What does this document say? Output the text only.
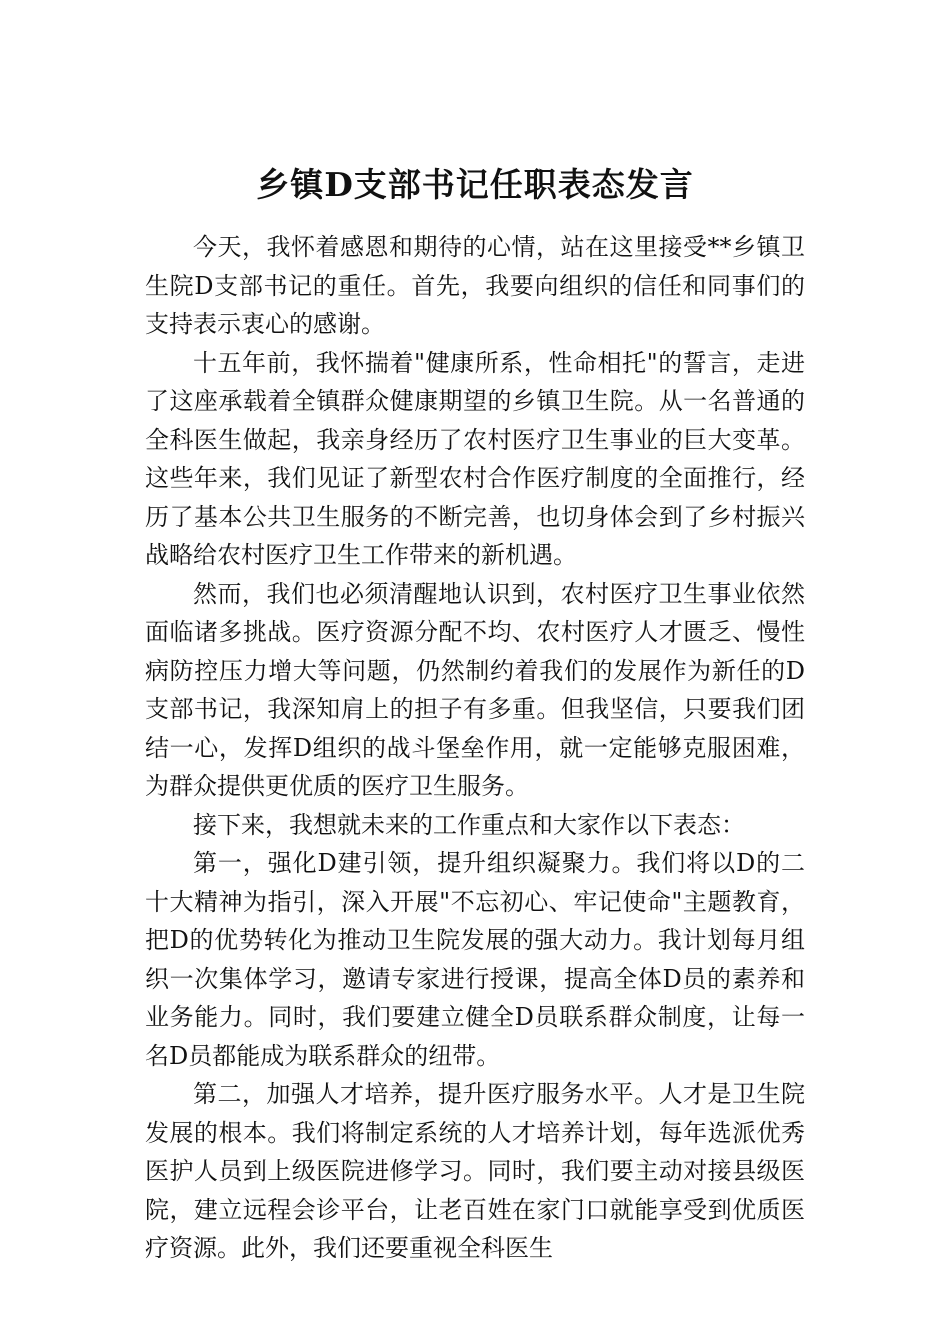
乡镇D支部书记任职表态发言

今天，我怀着感恩和期待的心情，站在这里接受**乡镇卫生院D支部书记的重任。首先，我要向组织的信任和同事们的支持表示衷心的感谢。

十五年前，我怀揣着"健康所系，性命相托"的誓言，走进了这座承载着全镇群众健康期望的乡镇卫生院。从一名普通的全科医生做起，我亲身经历了农村医疗卫生事业的巨大变革。这些年来，我们见证了新型农村合作医疗制度的全面推行，经历了基本公共卫生服务的不断完善，也切身体会到了乡村振兴战略给农村医疗卫生工作带来的新机遇。

然而，我们也必须清醒地认识到，农村医疗卫生事业依然面临诸多挑战。医疗资源分配不均、农村医疗人才匮乏、慢性病防控压力增大等问题，仍然制约着我们的发展作为新任的D支部书记，我深知肩上的担子有多重。但我坚信，只要我们团结一心，发挥D组织的战斗堡垒作用，就一定能够克服困难，为群众提供更优质的医疗卫生服务。

接下来，我想就未来的工作重点和大家作以下表态：

第一，强化D建引领，提升组织凝聚力。我们将以D的二十大精神为指引，深入开展"不忘初心、牢记使命"主题教育，把D的优势转化为推动卫生院发展的强大动力。我计划每月组织一次集体学习，邀请专家进行授课，提高全体D员的素养和业务能力。同时，我们要建立健全D员联系群众制度，让每一名D员都能成为联系群众的纽带。

第二，加强人才培养，提升医疗服务水平。人才是卫生院发展的根本。我们将制定系统的人才培养计划，每年选派优秀医护人员到上级医院进修学习。同时，我们要主动对接县级医院，建立远程会诊平台，让老百姓在家门口就能享受到优质医疗资源。此外，我们还要重视全科医生
